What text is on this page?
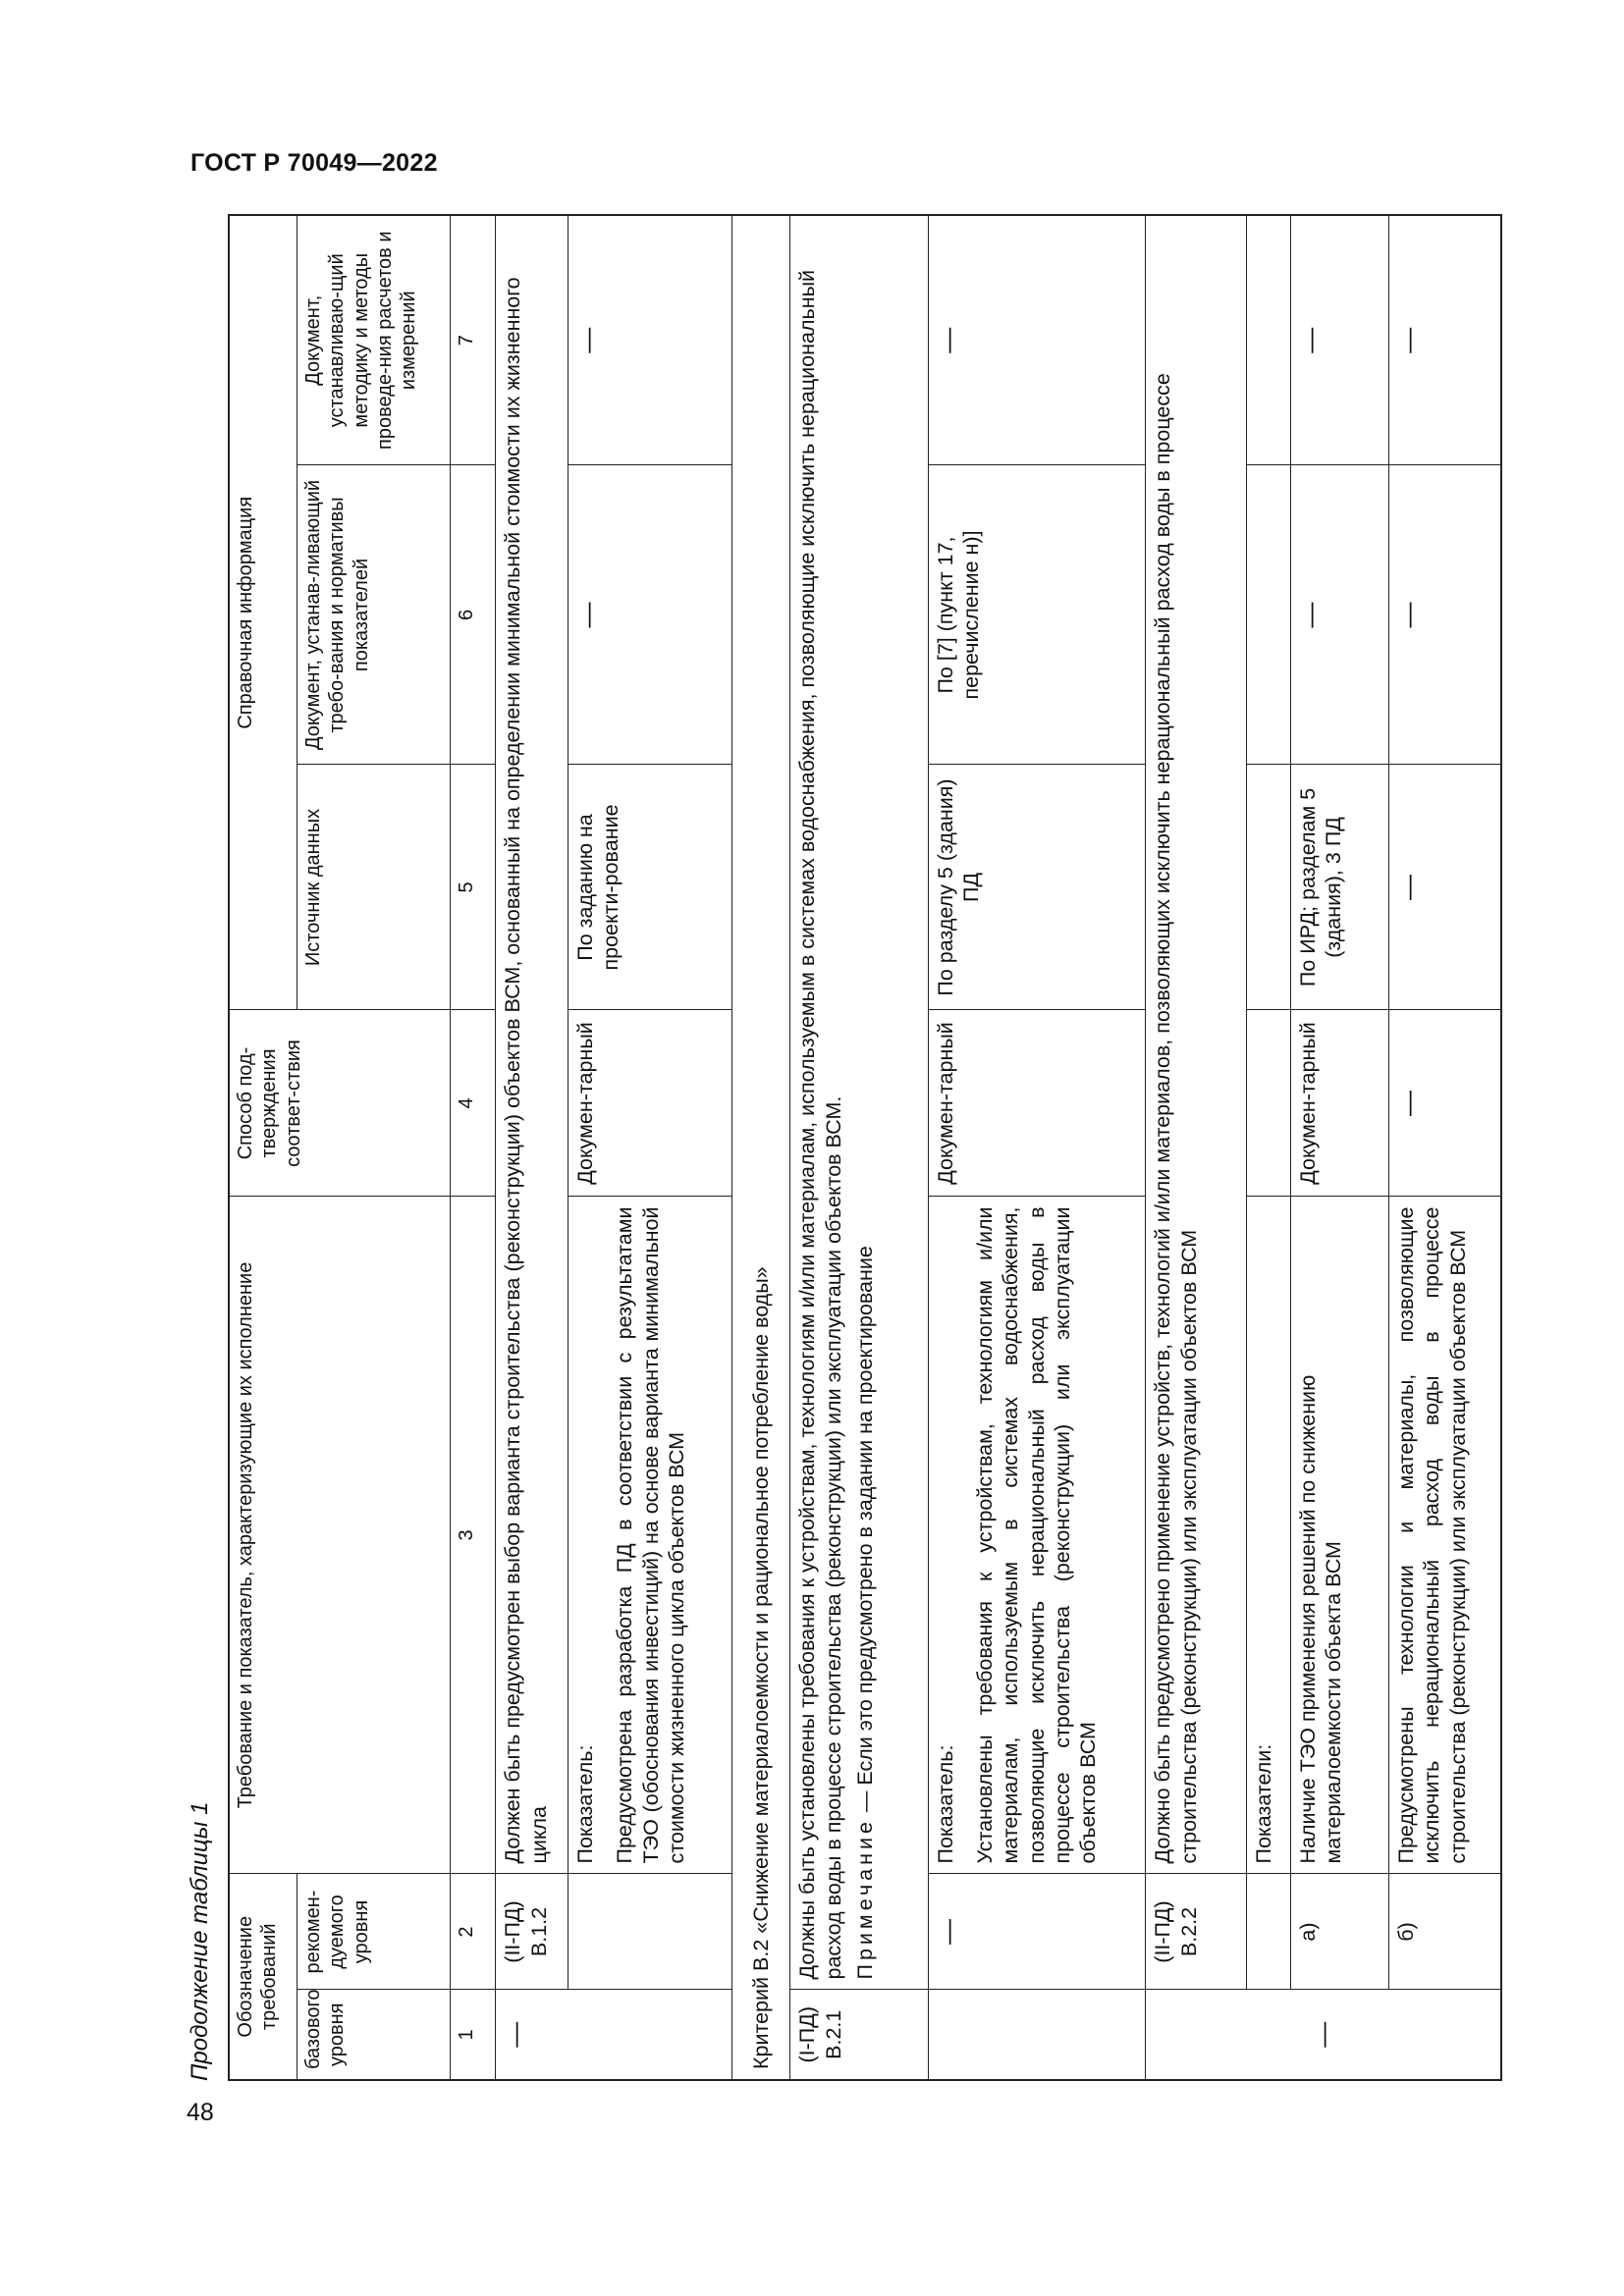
ГОСТ Р 70049—2022
48
Продолжение таблицы 1	Обозначение требований		Требование и показатель, характеризующие их исполнение	Способ под-тверждения соответ-ствия	Справочная информация		
базового уровня	рекомен-дуемого уровня			Источник данных	Документ, устанав-ливающий требо-вания и нормативы показателей	Документ, устанавливаю-щий методику и методы проведе-ния расчетов и измерений
1	2	3	4	5	6	7
—	(II-ПД) В.1.2	Должен быть предусмотрен выбор варианта строительства (реконструкции) объектов ВСМ, основанный на определении минимальной стоимости их жизненного цикла				

		Показатель: Предусмотрена разработка ПД в соответствии с результатами ТЭО (обоснования инвестиций) на основе варианта минимальной стоимости жизненного цикла объектов ВСМ	Докумен-тарный	По заданию на проекти-рование	—	—
Критерий В.2 «Снижение материалоемкости и рациональное потребление воды»						
(I-ПД) В.2.1	Должны быть установлены требования к устройствам, технологиям и/или материалам, используемым в системах водоснабжения, позволяющие исключить нерациональный расход воды в процессе строительства (реконструкции) или эксплуатации объектов ВСМ. Примечание — Если это предусмотрено в задании на проектирование					

	—	Показатель: Установлены требования к устройствам, технологиям и/или материалам, используемым в системах водоснабжения, позволяющие исключить нерациональный расход воды в процессе строительства (реконструкции) или эксплуатации объектов ВСМ	Докумен-тарный	По разделу 5 (здания) ПД	По [7] (пункт 17, перечисление н)]	—
—	(II-ПД) В.2.2	Должно быть предусмотрено применение устройств, технологий и/или материалов, позволяющих исключить нерациональный расход воды в процессе строительства (реконструкции) или эксплуатации объектов ВСМ				
		Показатели:				
	а)	Наличие ТЭО применения решений по снижению материалоемкости объекта ВСМ	Докумен-тарный	По ИРД; разделам 5 (здания), 3 ПД	—	—
	б)	Предусмотрены технологии и материалы, позволяющие исключить нерациональный расход воды в процессе строительства (реконструкции) или эксплуатации объектов ВСМ	—	—	—	—
